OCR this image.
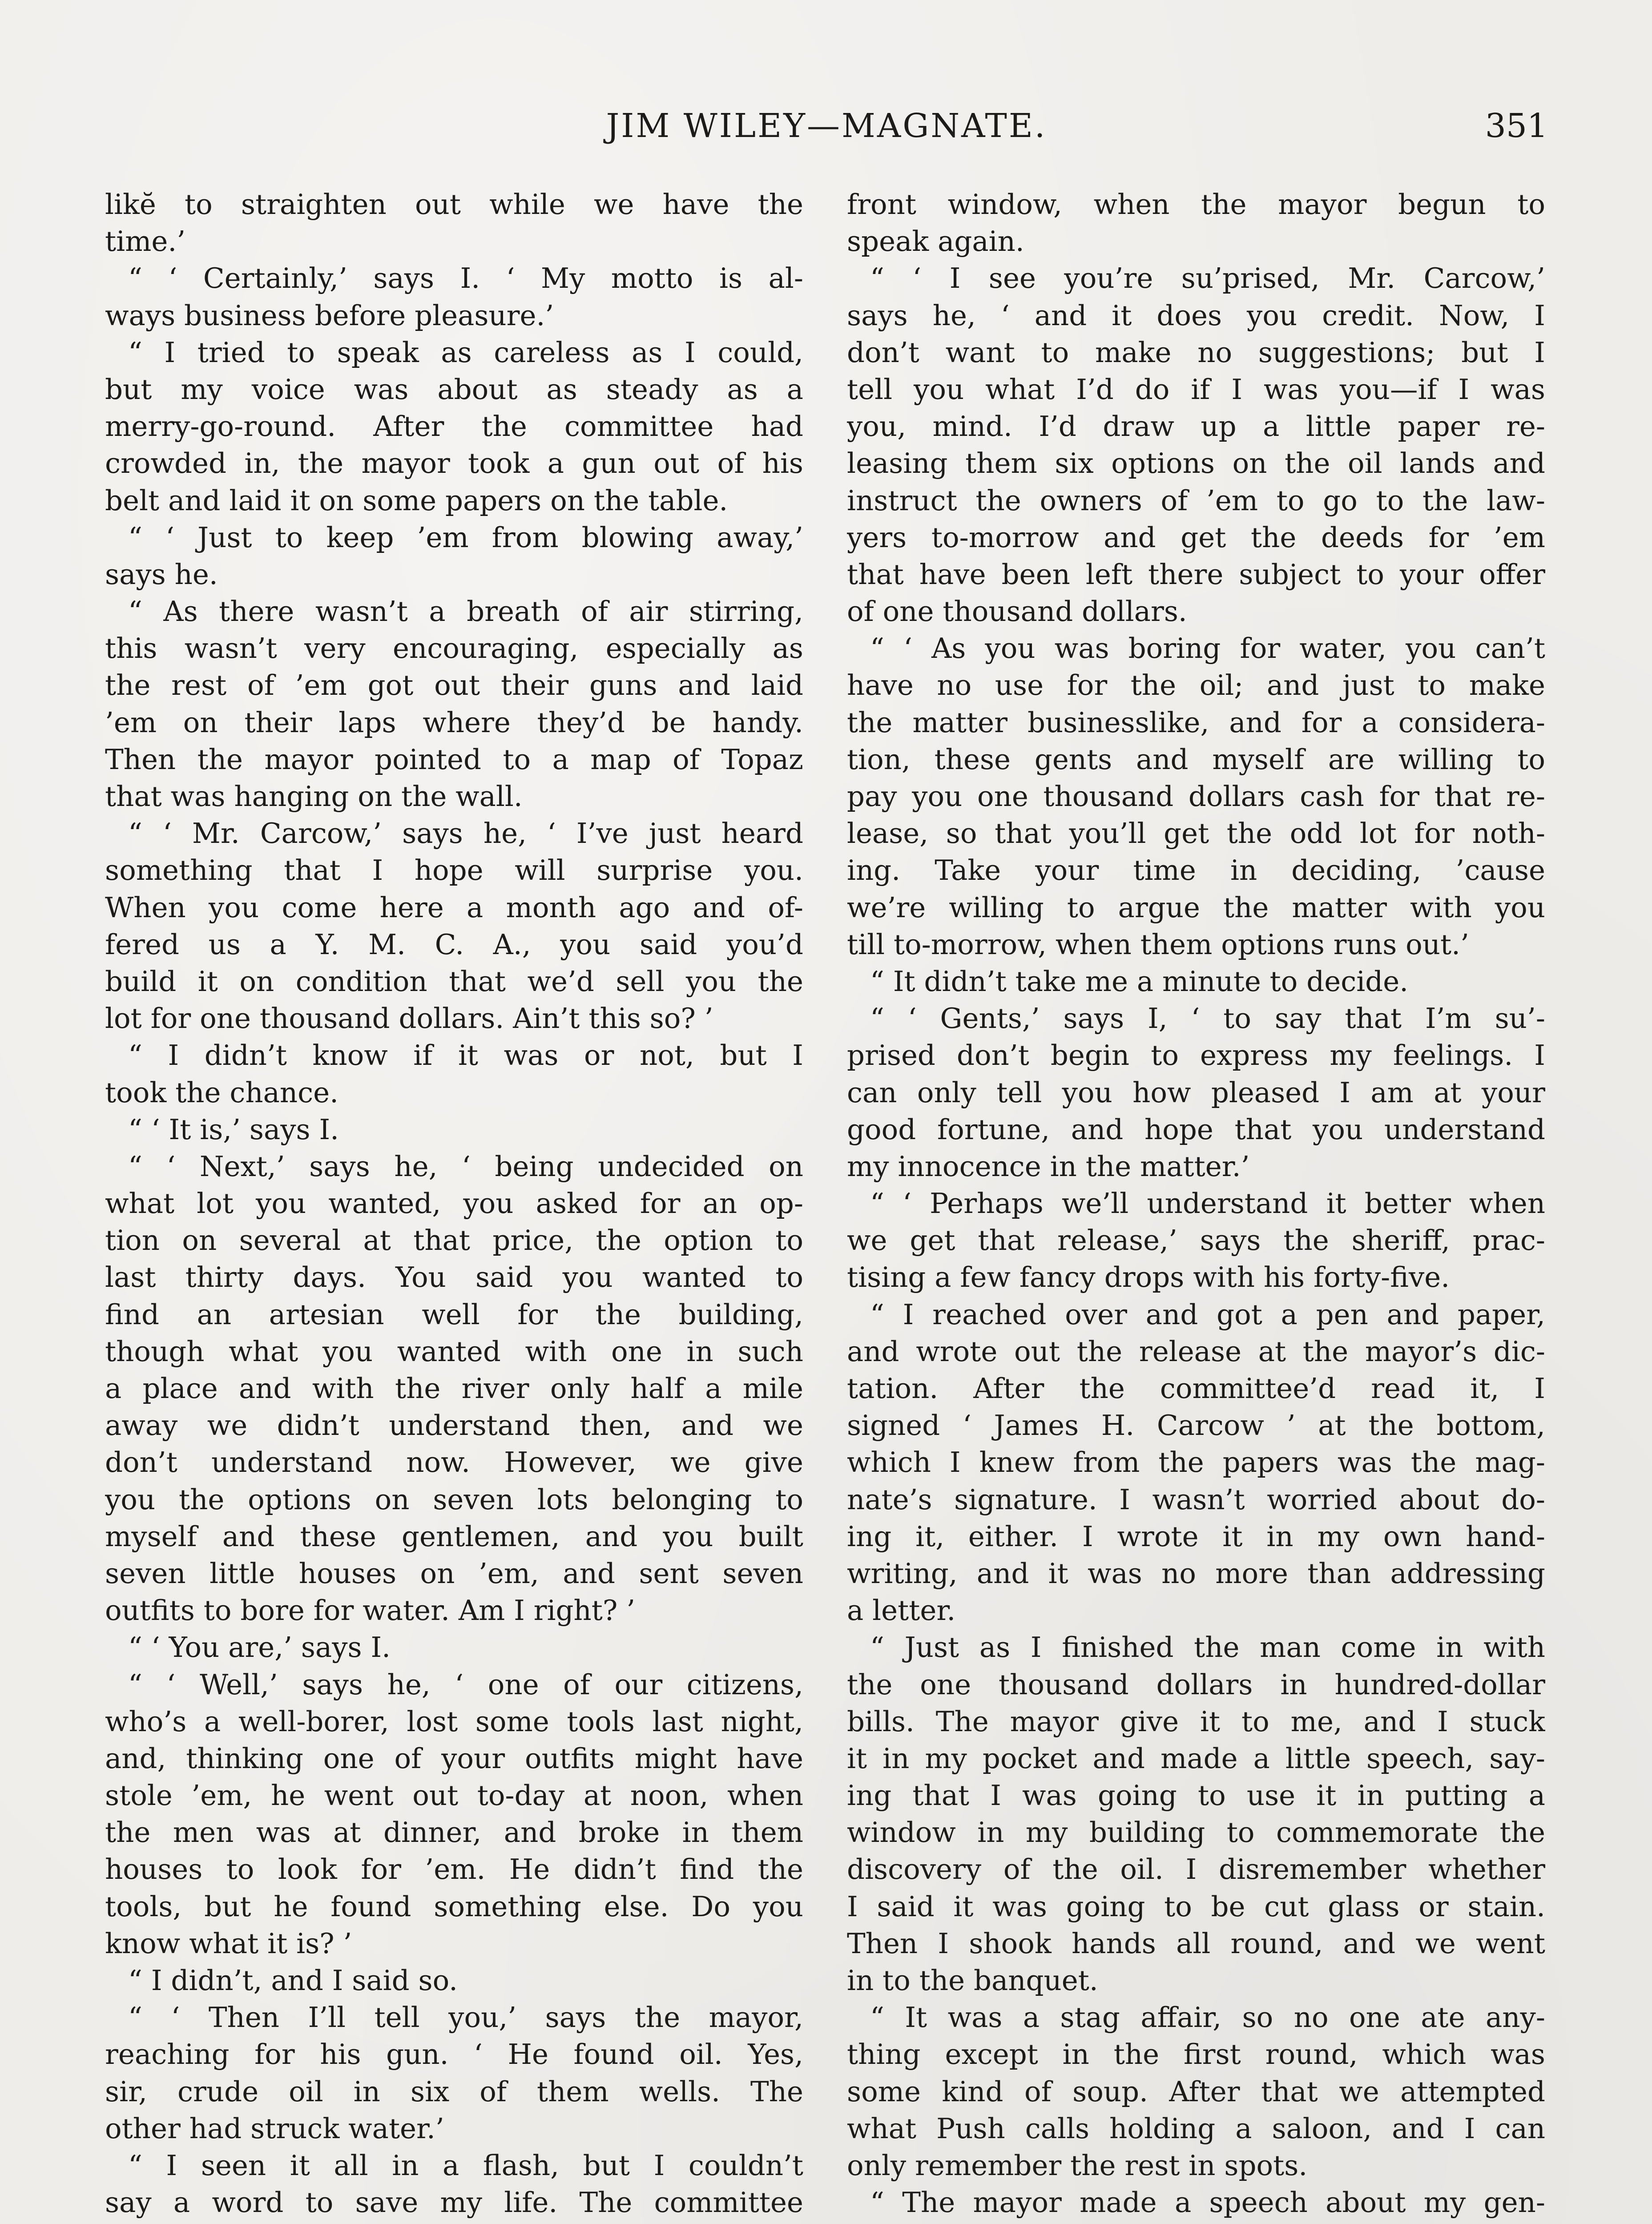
JIM WILEY—MAGNATE.	351
likĕ to straighten out while we have the
time.’
“ ‘ Certainly,’ says I. ‘ My motto is al-
ways business before pleasure.’
“ I tried to speak as careless as I could,
but my voice was about as steady as a
merry-go-round. After the committee had
crowded in, the mayor took a gun out of his
belt and laid it on some papers on the table.
“ ‘ Just to keep ’em from blowing away,’
says he.
“ As there wasn’t a breath of air stirring,
this wasn’t very encouraging, especially as
the rest of ’em got out their guns and laid
’em on their laps where they’d be handy.
Then the mayor pointed to a map of Topaz
that was hanging on the wall.
“ ‘ Mr. Carcow,’ says he, ‘ I’ve just heard
something that I hope will surprise you.
When you come here a month ago and of-
fered us a Y. M. C. A., you said you’d
build it on condition that we’d sell you the
lot for one thousand dollars. Ain’t this so? ’
“ I didn’t know if it was or not, but I
took the chance.
“ ‘ It is,’ says I.
“ ‘ Next,’ says he, ‘ being undecided on
what lot you wanted, you asked for an op-
tion on several at that price, the option to
last thirty days. You said you wanted to
find an artesian well for the building,
though what you wanted with one in such
a place and with the river only half a mile
away we didn’t understand then, and we
don’t understand now. However, we give
you the options on seven lots belonging to
myself and these gentlemen, and you built
seven little houses on ’em, and sent seven
outfits to bore for water. Am I right? ’
“ ‘ You are,’ says I.
“ ‘ Well,’ says he, ‘ one of our citizens,
who’s a well-borer, lost some tools last night,
and, thinking one of your outfits might have
stole ’em, he went out to-day at noon, when
the men was at dinner, and broke in them
houses to look for ’em. He didn’t find the
tools, but he found something else. Do you
know what it is? ’
“ I didn’t, and I said so.
“ ‘ Then I’ll tell you,’ says the mayor,
reaching for his gun. ‘ He found oil. Yes,
sir, crude oil in six of them wells. The
other had struck water.’
“ I seen it all in a flash, but I couldn’t
say a word to save my life. The committee
front window, when the mayor begun to
speak again.
“ ‘ I see you’re su’prised, Mr. Carcow,’
says he, ‘ and it does you credit. Now, I
don’t want to make no suggestions; but I
tell you what I’d do if I was you—if I was
you, mind. I’d draw up a little paper re-
leasing them six options on the oil lands and
instruct the owners of ’em to go to the law-
yers to-morrow and get the deeds for ’em
that have been left there subject to your offer
of one thousand dollars.
“ ‘ As you was boring for water, you can’t
have no use for the oil; and just to make
the matter businesslike, and for a considera-
tion, these gents and myself are willing to
pay you one thousand dollars cash for that re-
lease, so that you’ll get the odd lot for noth-
ing. Take your time in deciding, ’cause
we’re willing to argue the matter with you
till to-morrow, when them options runs out.’
“ It didn’t take me a minute to decide.
“ ‘ Gents,’ says I, ‘ to say that I’m su’-
prised don’t begin to express my feelings. I
can only tell you how pleased I am at your
good fortune, and hope that you understand
my innocence in the matter.’
“ ‘ Perhaps we’ll understand it better when
we get that release,’ says the sheriff, prac-
tising a few fancy drops with his forty-five.
“ I reached over and got a pen and paper,
and wrote out the release at the mayor’s dic-
tation. After the committee’d read it, I
signed ‘ James H. Carcow ’ at the bottom,
which I knew from the papers was the mag-
nate’s signature. I wasn’t worried about do-
ing it, either. I wrote it in my own hand-
writing, and it was no more than addressing
a letter.
“ Just as I finished the man come in with
the one thousand dollars in hundred-dollar
bills. The mayor give it to me, and I stuck
it in my pocket and made a little speech, say-
ing that I was going to use it in putting a
window in my building to commemorate the
discovery of the oil. I disremember whether
I said it was going to be cut glass or stain.
Then I shook hands all round, and we went
in to the banquet.
“ It was a stag affair, so no one ate any-
thing except in the first round, which was
some kind of soup. After that we attempted
what Push calls holding a saloon, and I can
only remember the rest in spots.
“ The mayor made a speech about my gen-
